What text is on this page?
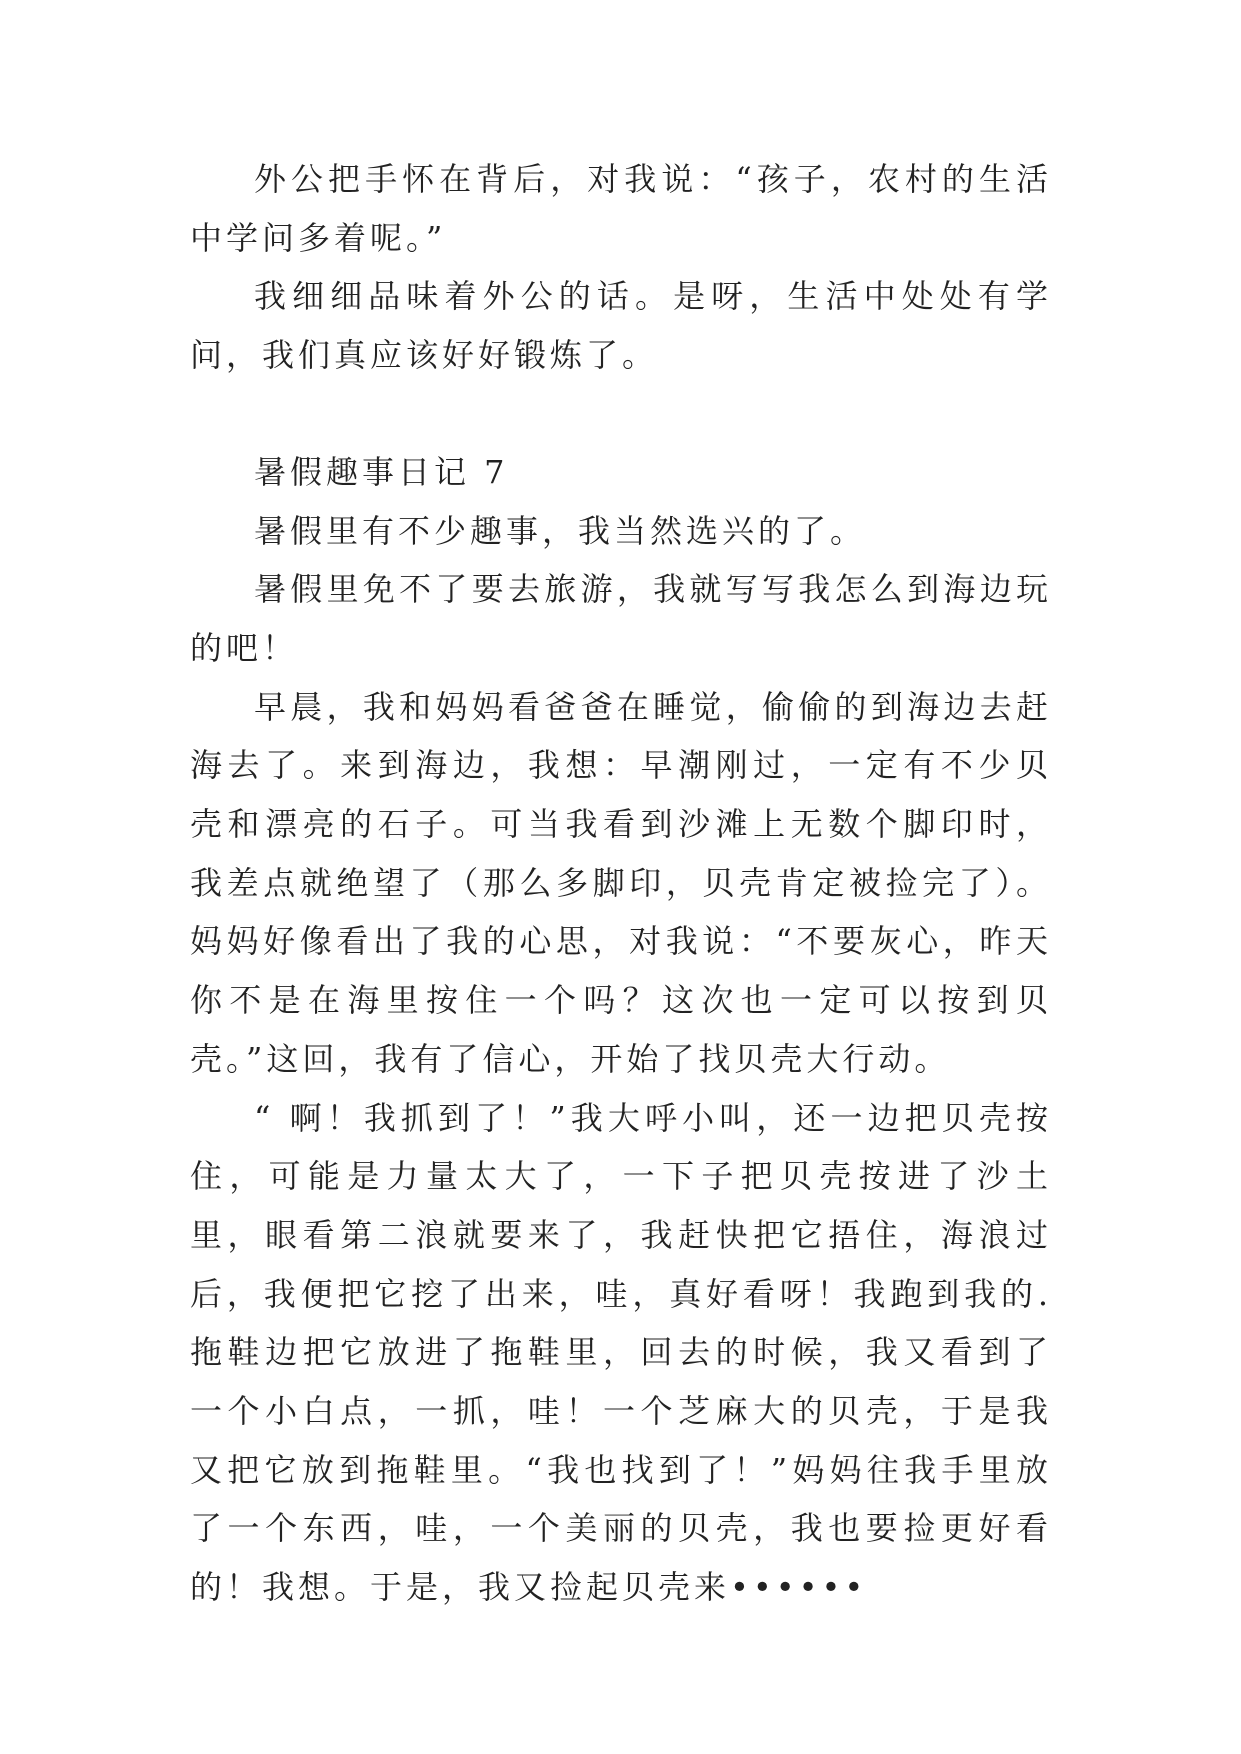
外公把手怀在背后，对我说：“孩子，农村的生活中学问多着呢。”

我细细品味着外公的话。是呀，生活中处处有学问，我们真应该好好锻炼了。

暑假趣事日记 7

暑假里有不少趣事，我当然选兴的了。

暑假里免不了要去旅游，我就写写我怎么到海边玩的吧！

早晨，我和妈妈看爸爸在睡觉，偷偷的到海边去赶海去了。来到海边，我想：早潮刚过，一定有不少贝壳和漂亮的石子。可当我看到沙滩上无数个脚印时，我差点就绝望了（那么多脚印，贝壳肯定被捡完了）。妈妈好像看出了我的心思，对我说：“不要灰心，昨天你不是在海里按住一个吗？这次也一定可以按到贝壳。”这回，我有了信心，开始了找贝壳大行动。

“ 啊！我抓到了！”我大呼小叫，还一边把贝壳按住，可能是力量太大了，一下子把贝壳按进了沙土里，眼看第二浪就要来了，我赶快把它捂住，海浪过后，我便把它挖了出来，哇，真好看呀！我跑到我的.拖鞋边把它放进了拖鞋里，回去的时候，我又看到了一个小白点，一抓，哇！一个芝麻大的贝壳，于是我又把它放到拖鞋里。“我也找到了！”妈妈往我手里放了一个东西，哇，一个美丽的贝壳，我也要捡更好看的！我想。于是，我又捡起贝壳来••••••
